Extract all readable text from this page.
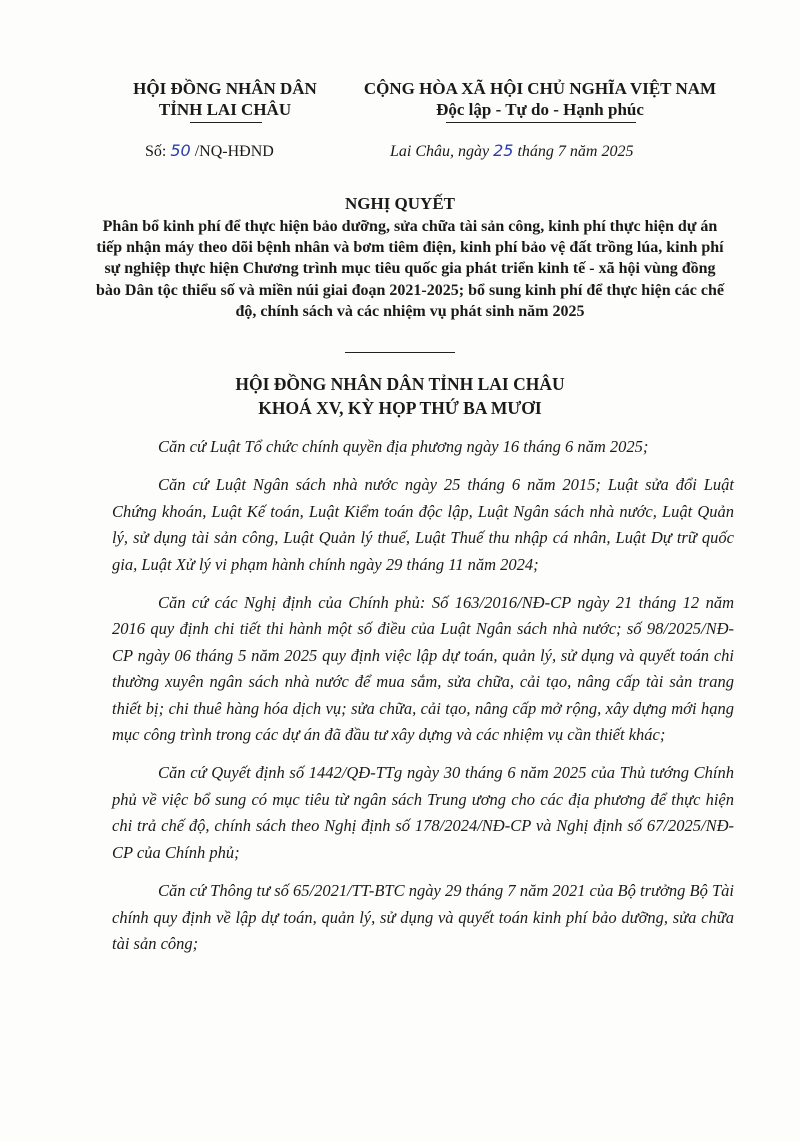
HỘI ĐỒNG NHÂN DÂN
TỈNH LAI CHÂU
CỘNG HÒA XÃ HỘI CHỦ NGHĨA VIỆT NAM
Độc lập - Tự do - Hạnh phúc
Số: 50 /NQ-HĐND	Lai Châu, ngày 25 tháng 7 năm 2025
NGHỊ QUYẾT
Phân bổ kinh phí để thực hiện bảo dưỡng, sửa chữa tài sản công, kinh phí thực hiện dự án tiếp nhận máy theo dõi bệnh nhân và bơm tiêm điện, kinh phí bảo vệ đất trồng lúa, kinh phí sự nghiệp thực hiện Chương trình mục tiêu quốc gia phát triển kinh tế - xã hội vùng đồng bào Dân tộc thiểu số và miền núi giai đoạn 2021-2025; bổ sung kinh phí để thực hiện các chế độ, chính sách và các nhiệm vụ phát sinh năm 2025
HỘI ĐỒNG NHÂN DÂN TỈNH LAI CHÂU
KHOÁ XV, KỲ HỌP THỨ BA MƯƠI

Căn cứ Luật Tổ chức chính quyền địa phương ngày 16 tháng 6 năm 2025;

Căn cứ Luật Ngân sách nhà nước ngày 25 tháng 6 năm 2015; Luật sửa đổi Luật Chứng khoán, Luật Kế toán, Luật Kiểm toán độc lập, Luật Ngân sách nhà nước, Luật Quản lý, sử dụng tài sản công, Luật Quản lý thuế, Luật Thuế thu nhập cá nhân, Luật Dự trữ quốc gia, Luật Xử lý vi phạm hành chính ngày 29 tháng 11 năm 2024;

Căn cứ các Nghị định của Chính phủ: Số 163/2016/NĐ-CP ngày 21 tháng 12 năm 2016 quy định chi tiết thi hành một số điều của Luật Ngân sách nhà nước; số 98/2025/NĐ-CP ngày 06 tháng 5 năm 2025 quy định việc lập dự toán, quản lý, sử dụng và quyết toán chi thường xuyên ngân sách nhà nước để mua sắm, sửa chữa, cải tạo, nâng cấp tài sản trang thiết bị; chi thuê hàng hóa dịch vụ; sửa chữa, cải tạo, nâng cấp mở rộng, xây dựng mới hạng mục công trình trong các dự án đã đầu tư xây dựng và các nhiệm vụ cần thiết khác;

Căn cứ Quyết định số 1442/QĐ-TTg ngày 30 tháng 6 năm 2025 của Thủ tướng Chính phủ về việc bổ sung có mục tiêu từ ngân sách Trung ương cho các địa phương để thực hiện chi trả chế độ, chính sách theo Nghị định số 178/2024/NĐ-CP và Nghị định số 67/2025/NĐ-CP của Chính phủ;

Căn cứ Thông tư số 65/2021/TT-BTC ngày 29 tháng 7 năm 2021 của Bộ trưởng Bộ Tài chính quy định về lập dự toán, quản lý, sử dụng và quyết toán kinh phí bảo dưỡng, sửa chữa tài sản công;
